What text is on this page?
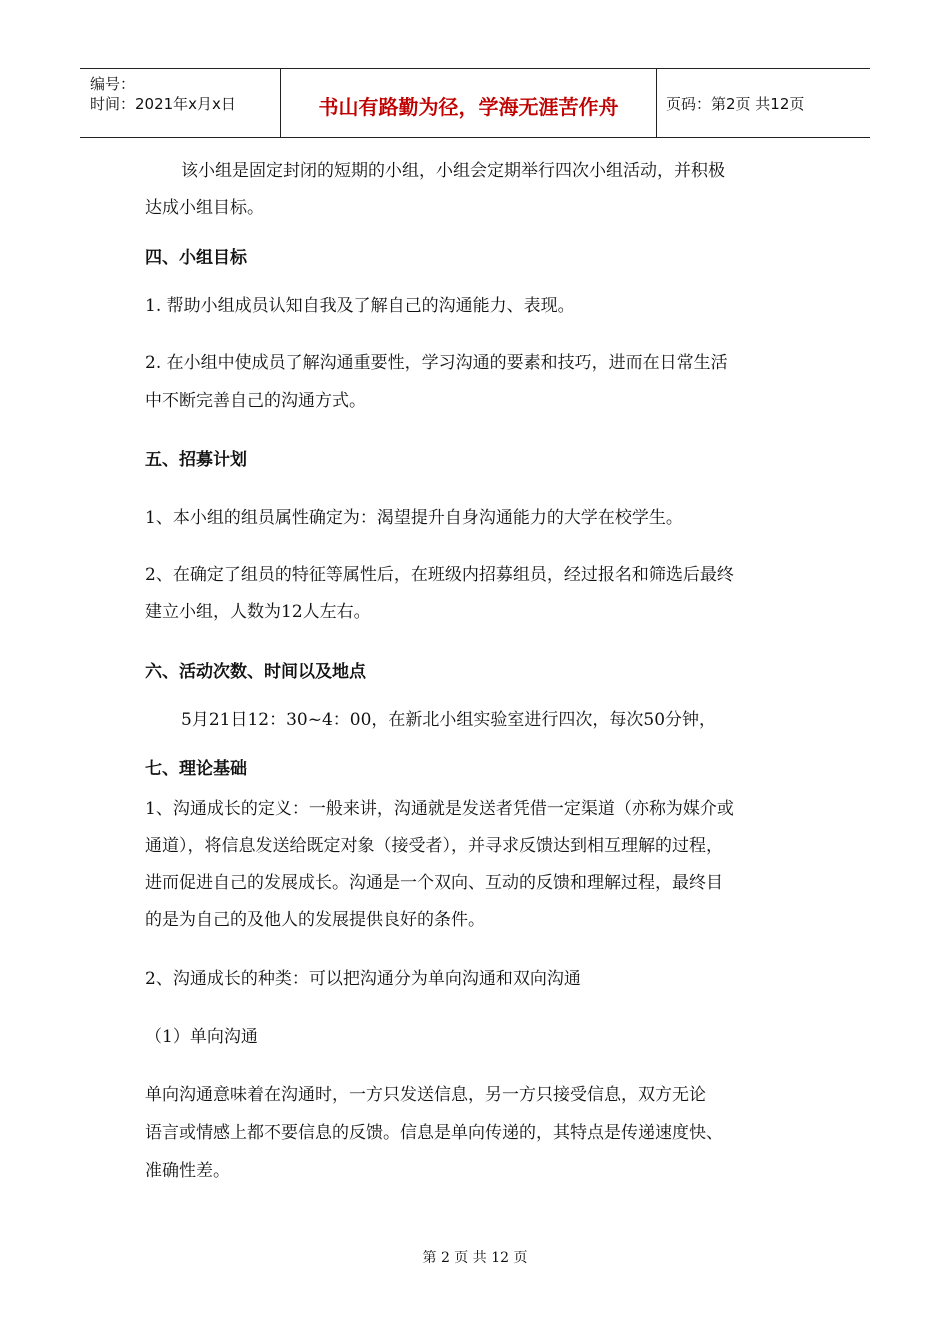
编号：
时间：2021年x月x日	书山有路勤为径，学海无涯苦作舟	页码：第2页 共12页
该小组是固定封闭的短期的小组，小组会定期举行四次小组活动，并积极
达成小组目标。
四、小组目标
1. 帮助小组成员认知自我及了解自己的沟通能力、表现。
2. 在小组中使成员了解沟通重要性，学习沟通的要素和技巧，进而在日常生活
中不断完善自己的沟通方式。
五、招募计划
1、本小组的组员属性确定为：渴望提升自身沟通能力的大学在校学生。
2、在确定了组员的特征等属性后，在班级内招募组员，经过报名和筛选后最终
建立小组，人数为12人左右。
六、活动次数、时间以及地点
5月21日12：30~4：00，在新北小组实验室进行四次，每次50分钟，
七、理论基础
1、沟通成长的定义：一般来讲，沟通就是发送者凭借一定渠道（亦称为媒介或
通道），将信息发送给既定对象（接受者），并寻求反馈达到相互理解的过程，
进而促进自己的发展成长。沟通是一个双向、互动的反馈和理解过程，最终目
的是为自己的及他人的发展提供良好的条件。
2、沟通成长的种类：可以把沟通分为单向沟通和双向沟通
（1）单向沟通
单向沟通意味着在沟通时，一方只发送信息，另一方只接受信息，双方无论
语言或情感上都不要信息的反馈。信息是单向传递的，其特点是传递速度快、
准确性差。
第 2 页 共 12 页
